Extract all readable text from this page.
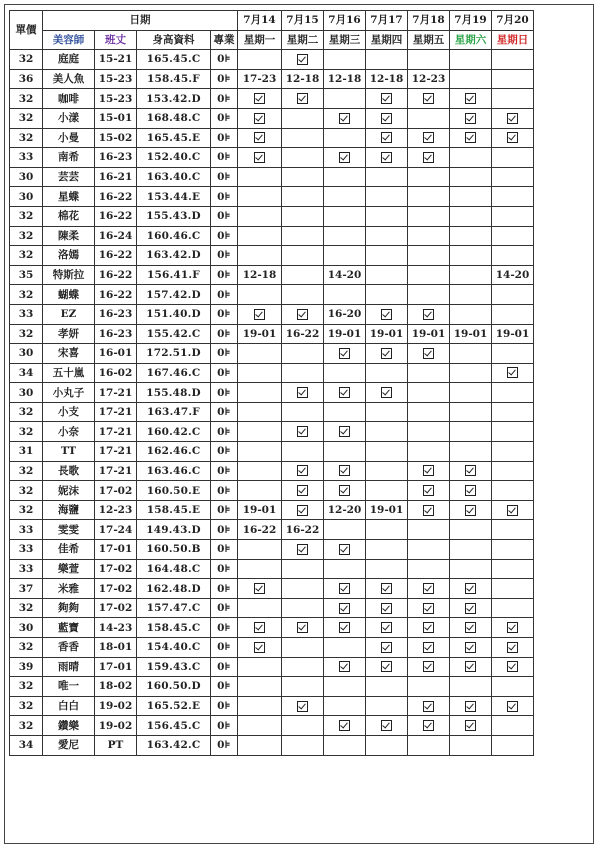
單價	日期				7月14	7月15	7月16	7月17	7月18	7月19	7月20
	美容師	班丈	身高資料	專業	星期一	星期二	星期三	星期四	星期五	星期六	星期日
32	庭庭	15-21	165.45.C	0⊧							
36	美人魚	15-23	158.45.F	0⊧	17-23	12-18	12-18	12-18	12-23		
32	咖啡	15-23	153.42.D	0⊧							
32	小漾	15-01	168.48.C	0⊧							
32	小曼	15-02	165.45.E	0⊧							
33	南希	16-23	152.40.C	0⊧							
30	芸芸	16-21	163.40.C	0⊧							
30	星蝶	16-22	153.44.E	0⊧							
32	棉花	16-22	155.43.D	0⊧							
32	陳柔	16-24	160.46.C	0⊧							
32	洛嫣	16-22	163.42.D	0⊧							
35	特斯拉	16-22	156.41.F	0⊧	12-18		14-20				14-20
32	蝴蝶	16-22	157.42.D	0⊧							
33	EZ	16-23	151.40.D	0⊧			16-20				
32	孝妍	16-23	155.42.C	0⊧	19-01	16-22	19-01	19-01	19-01	19-01	19-01
30	宋喜	16-01	172.51.D	0⊧							
34	五十嵐	16-02	167.46.C	0⊧							
30	小丸子	17-21	155.48.D	0⊧							
32	小支	17-21	163.47.F	0⊧							
32	小奈	17-21	160.42.C	0⊧							
31	TT	17-21	162.46.C	0⊧							
32	長歌	17-21	163.46.C	0⊧							
32	妮沫	17-02	160.50.E	0⊧							
32	海鹽	12-23	158.45.E	0⊧	19-01		12-20	19-01			
33	雯雯	17-24	149.43.D	0⊧	16-22	16-22					
33	佳希	17-01	160.50.B	0⊧							
33	樂萱	17-02	164.48.C	0⊧							
37	米雅	17-02	162.48.D	0⊧							
32	夠夠	17-02	157.47.C	0⊧							
30	藍寶	14-23	158.45.C	0⊧							
32	香香	18-01	154.40.C	0⊧							
39	雨晴	17-01	159.43.C	0⊧							
32	唯一	18-02	160.50.D	0⊧							
32	白白	19-02	165.52.E	0⊧							
32	鑽樂	19-02	156.45.C	0⊧							
34	愛尼	PT	163.42.C	0⊧							
